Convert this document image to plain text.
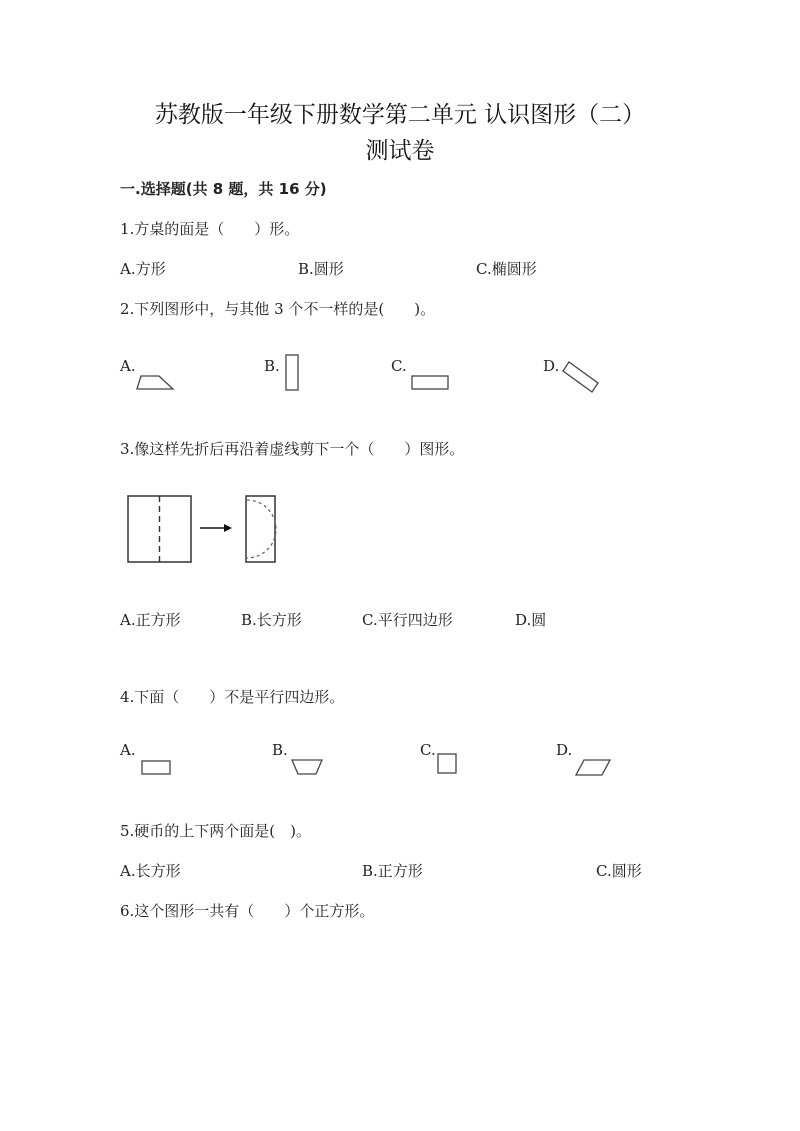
苏教版一年级下册数学第二单元 认识图形（二）
测试卷
一.选择题(共 8 题，共 16 分)
1.方桌的面是（　　）形。
A.方形	B.圆形	C.椭圆形
2.下列图形中，与其他 3 个不一样的是(　　)。
A.	B.	C.	D.
3.像这样先折后再沿着虚线剪下一个（　　）图形。
A.正方形	B.长方形	C.平行四边形	D.圆
4.下面（　　）不是平行四边形。
A.	B.	C.	D.
5.硬币的上下两个面是(　)。
A.长方形	B.正方形	C.圆形
6.这个图形一共有（　　）个正方形。
